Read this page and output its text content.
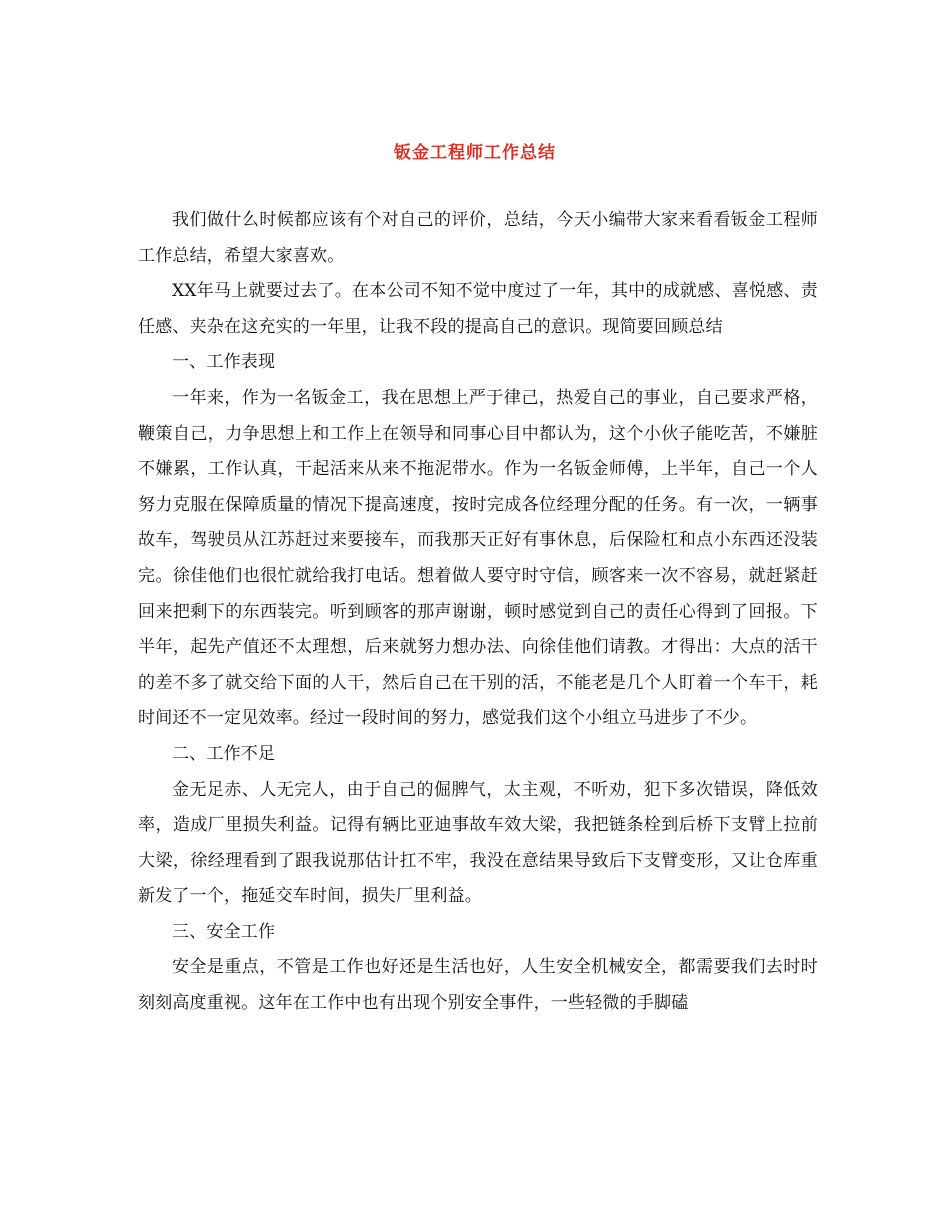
钣金工程师工作总结

我们做什么时候都应该有个对自己的评价，总结，今天小编带大家来看看钣金工程师工作总结，希望大家喜欢。

XX年马上就要过去了。在本公司不知不觉中度过了一年，其中的成就感、喜悦感、责任感、夹杂在这充实的一年里，让我不段的提高自己的意识。现简要回顾总结

一、工作表现

一年来，作为一名钣金工，我在思想上严于律己，热爱自己的事业，自己要求严格，鞭策自己，力争思想上和工作上在领导和同事心目中都认为，这个小伙子能吃苦，不嫌脏不嫌累，工作认真，干起活来从来不拖泥带水。作为一名钣金师傅，上半年，自己一个人努力克服在保障质量的情况下提高速度，按时完成各位经理分配的任务。有一次，一辆事故车，驾驶员从江苏赶过来要接车，而我那天正好有事休息，后保险杠和点小东西还没装完。徐佳他们也很忙就给我打电话。想着做人要守时守信，顾客来一次不容易，就赶紧赶回来把剩下的东西装完。听到顾客的那声谢谢，顿时感觉到自己的责任心得到了回报。下半年，起先产值还不太理想，后来就努力想办法、向徐佳他们请教。才得出：大点的活干的差不多了就交给下面的人干，然后自己在干别的活，不能老是几个人盯着一个车干，耗时间还不一定见效率。经过一段时间的努力，感觉我们这个小组立马进步了不少。

二、工作不足

金无足赤、人无完人，由于自己的倔脾气，太主观，不听劝，犯下多次错误，降低效率，造成厂里损失利益。记得有辆比亚迪事故车效大梁，我把链条栓到后桥下支臂上拉前大梁，徐经理看到了跟我说那估计扛不牢，我没在意结果导致后下支臂变形，又让仓库重新发了一个，拖延交车时间，损失厂里利益。

三、安全工作

安全是重点，不管是工作也好还是生活也好，人生安全机械安全，都需要我们去时时刻刻高度重视。这年在工作中也有出现个别安全事件，一些轻微的手脚磕
